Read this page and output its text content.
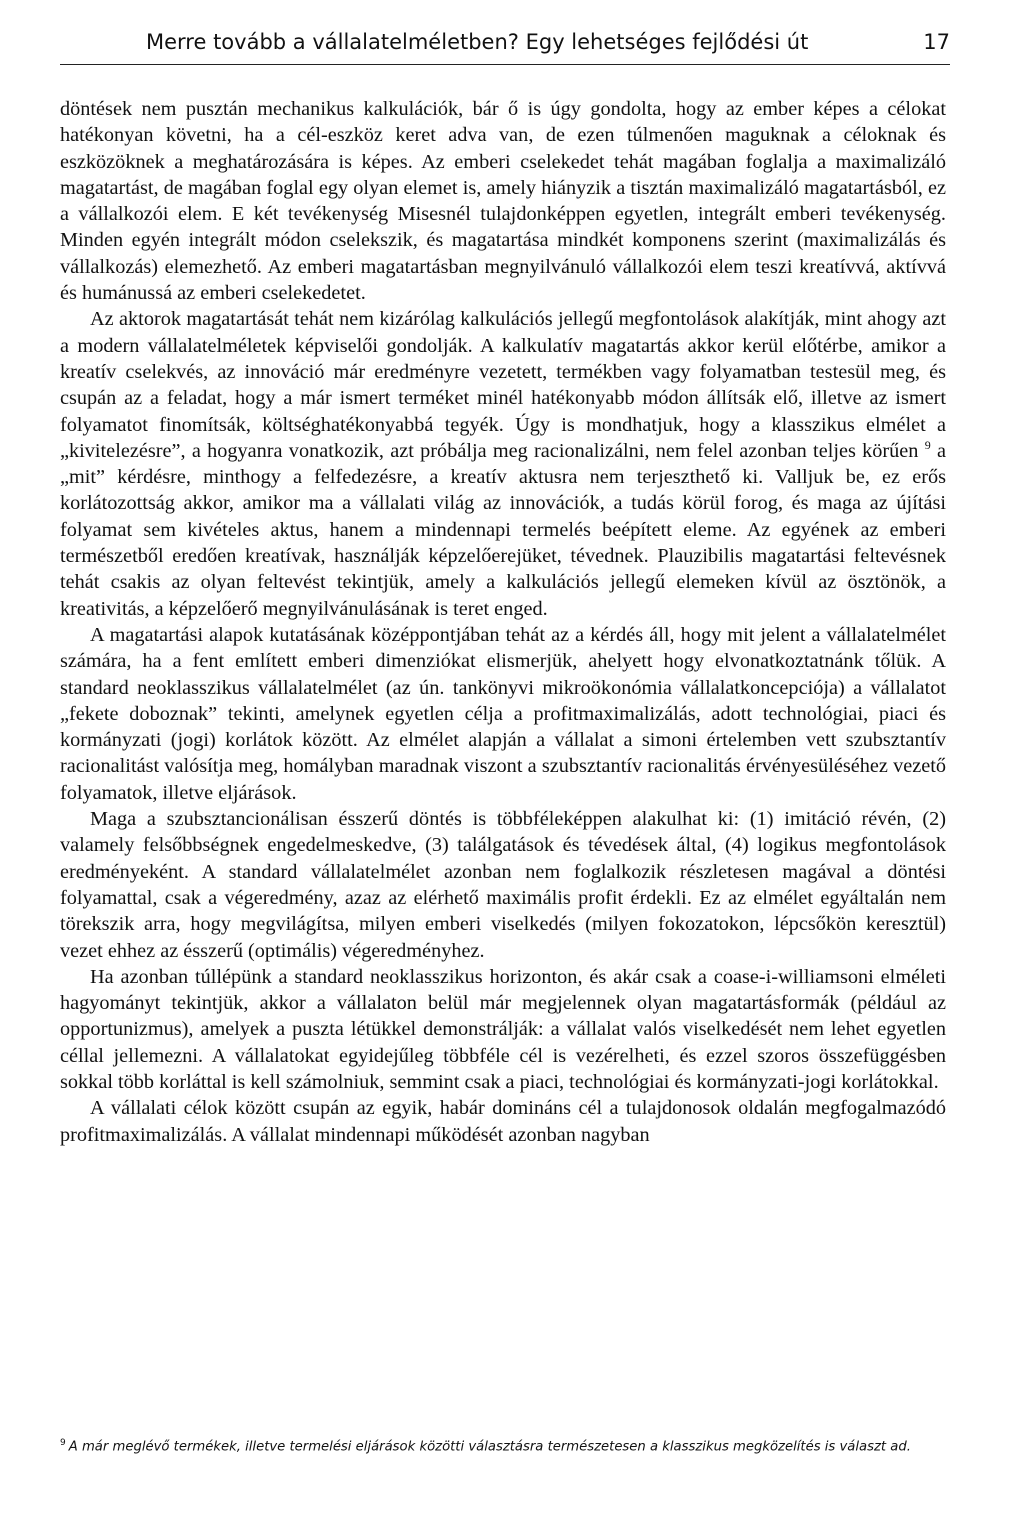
Merre tovább a vállalatelméletben? Egy lehetséges fejlődési út	17

döntések nem pusztán mechanikus kalkulációk, bár ő is úgy gondolta, hogy az ember képes a célokat hatékonyan követni, ha a cél-eszköz keret adva van, de ezen túlmenően maguknak a céloknak és eszközöknek a meghatározására is képes. Az emberi cselekedet tehát magában foglalja a maximalizáló magatartást, de magában foglal egy olyan elemet is, amely hiányzik a tisztán maximalizáló magatartásból, ez a vállalkozói elem. E két tevékenység Misesnél tulajdonképpen egyetlen, integrált emberi tevékenység. Minden egyén integrált módon cselekszik, és magatartása mindkét komponens szerint (maximalizálás és vállalkozás) elemezhető. Az emberi magatartásban megnyilvánuló vállalkozói elem teszi kreatívvá, aktívvá és humánussá az emberi cselekedetet.

Az aktorok magatartását tehát nem kizárólag kalkulációs jellegű megfontolások alakítják, mint ahogy azt a modern vállalatelméletek képviselői gondolják. A kalkulatív magatartás akkor kerül előtérbe, amikor a kreatív cselekvés, az innováció már eredményre vezetett, termékben vagy folyamatban testesül meg, és csupán az a feladat, hogy a már ismert terméket minél hatékonyabb módon állítsák elő, illetve az ismert folyamatot finomítsák, költséghatékonyabbá tegyék. Úgy is mondhatjuk, hogy a klasszikus elmélet a „kivitelezésre”, a hogyanra vonatkozik, azt próbálja meg racionalizálni, nem felel azonban teljes körűen $^9$ a „mit” kérdésre, minthogy a felfedezésre, a kreatív aktusra nem terjeszthető ki. Valljuk be, ez erős korlátozottság akkor, amikor ma a vállalati világ az innovációk, a tudás körül forog, és maga az újítási folyamat sem kivételes aktus, hanem a mindennapi termelés beépített eleme. Az egyének az emberi természetből eredően kreatívak, használják képzelőerejüket, tévednek. Plauzibilis magatartási feltevésnek tehát csakis az olyan feltevést tekintjük, amely a kalkulációs jellegű elemeken kívül az ösztönök, a kreativitás, a képzelőerő megnyilvánulásának is teret enged.

A magatartási alapok kutatásának középpontjában tehát az a kérdés áll, hogy mit jelent a vállalatelmélet számára, ha a fent említett emberi dimenziókat elismerjük, ahelyett hogy elvonatkoztatnánk tőlük. A standard neoklasszikus vállalatelmélet (az ún. tankönyvi mikroökonómia vállalatkoncepciója) a vállalatot „fekete doboznak” tekinti, amelynek egyetlen célja a profitmaximalizálás, adott technológiai, piaci és kormányzati (jogi) korlátok között. Az elmélet alapján a vállalat a simoni értelemben vett szubsztantív racionalitást valósítja meg, homályban maradnak viszont a szubsztantív racionalitás érvényesüléséhez vezető folyamatok, illetve eljárások.

Maga a szubsztancionálisan ésszerű döntés is többféleképpen alakulhat ki: (1) imitáció révén, (2) valamely felsőbbségnek engedelmeskedve, (3) találgatások és tévedések által, (4) logikus megfontolások eredményeként. A standard vállalatelmélet azonban nem foglalkozik részletesen magával a döntési folyamattal, csak a végeredmény, azaz az elérhető maximális profit érdekli. Ez az elmélet egyáltalán nem törekszik arra, hogy megvilágítsa, milyen emberi viselkedés (milyen fokozatokon, lépcsőkön keresztül) vezet ehhez az ésszerű (optimális) végeredményhez.

Ha azonban túllépünk a standard neoklasszikus horizonton, és akár csak a coase-i-williamsoni elméleti hagyományt tekintjük, akkor a vállalaton belül már megjelennek olyan magatartásformák (például az opportunizmus), amelyek a puszta létükkel demonstrálják: a vállalat valós viselkedését nem lehet egyetlen céllal jellemezni. A vállalatokat egyidejűleg többféle cél is vezérelheti, és ezzel szoros összefüggésben sokkal több korláttal is kell számolniuk, semmint csak a piaci, technológiai és kormányzati-jogi korlátokkal.

A vállalati célok között csupán az egyik, habár domináns cél a tulajdonosok oldalán megfogalmazódó profitmaximalizálás. A vállalat mindennapi működését azonban nagyban

$^9$ A már meglévő termékek, illetve termelési eljárások közötti választásra természetesen a klasszikus megközelítés is választ ad.
